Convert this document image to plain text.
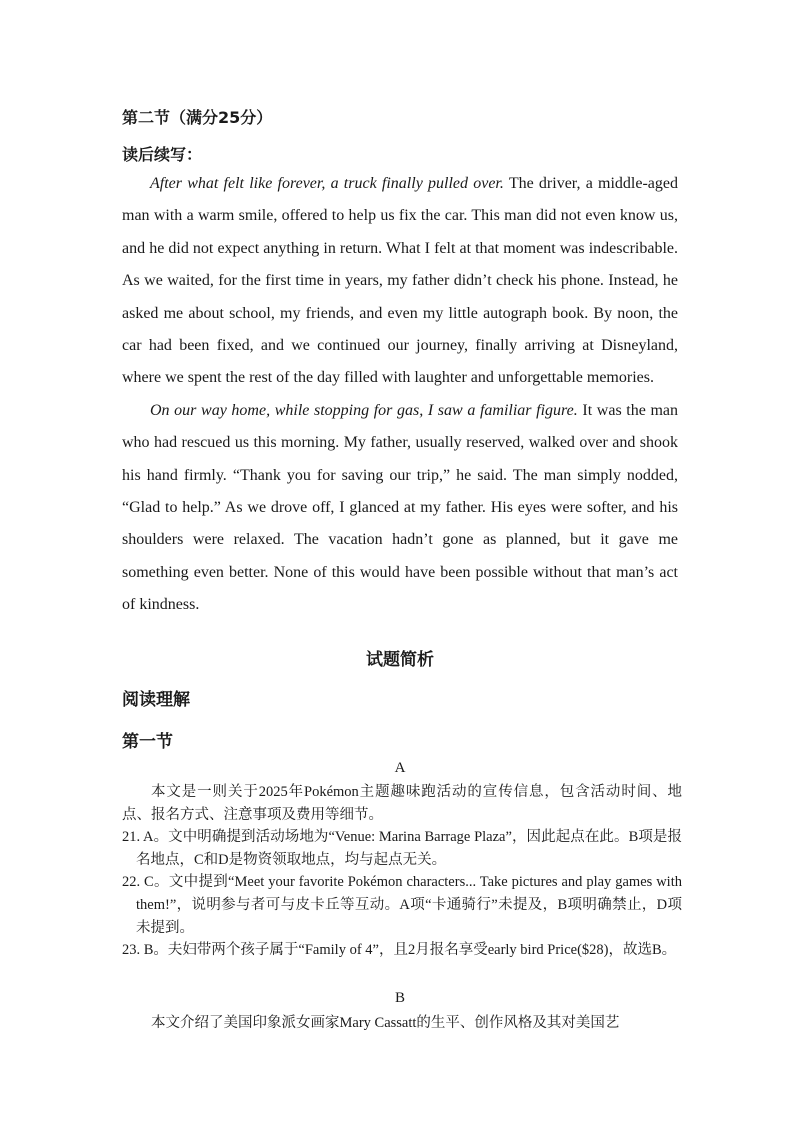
第二节（满分25分）
读后续写：

After what felt like forever, a truck finally pulled over. The driver, a middle-aged man with a warm smile, offered to help us fix the car. This man did not even know us, and he did not expect anything in return. What I felt at that moment was indescribable. As we waited, for the first time in years, my father didn’t check his phone. Instead, he asked me about school, my friends, and even my little autograph book. By noon, the car had been fixed, and we continued our journey, finally arriving at Disneyland, where we spent the rest of the day filled with laughter and unforgettable memories.

On our way home, while stopping for gas, I saw a familiar figure. It was the man who had rescued us this morning. My father, usually reserved, walked over and shook his hand firmly. “Thank you for saving our trip,” he said. The man simply nodded, “Glad to help.” As we drove off, I glanced at my father. His eyes were softer, and his shoulders were relaxed. The vacation hadn’t gone as planned, but it gave me something even better. None of this would have been possible without that man’s act of kindness.

试题简析
阅读理解
第一节
A

本文是一则关于2025年Pokémon主题趣味跑活动的宣传信息，包含活动时间、地点、报名方式、注意事项及费用等细节。

21. A。文中明确提到活动场地为“Venue: Marina Barrage Plaza”，因此起点在此。B项是报名地点，C和D是物资领取地点，均与起点无关。

22. C。文中提到“Meet your favorite Pokémon characters... Take pictures and play games with them!”，说明参与者可与皮卡丘等互动。A项“卡通骑行”未提及，B项明确禁止，D项未提到。

23. B。夫妇带两个孩子属于“Family of 4”，且2月报名享受early bird Price($28)，故选B。

B

本文介绍了美国印象派女画家Mary Cassatt的生平、创作风格及其对美国艺
